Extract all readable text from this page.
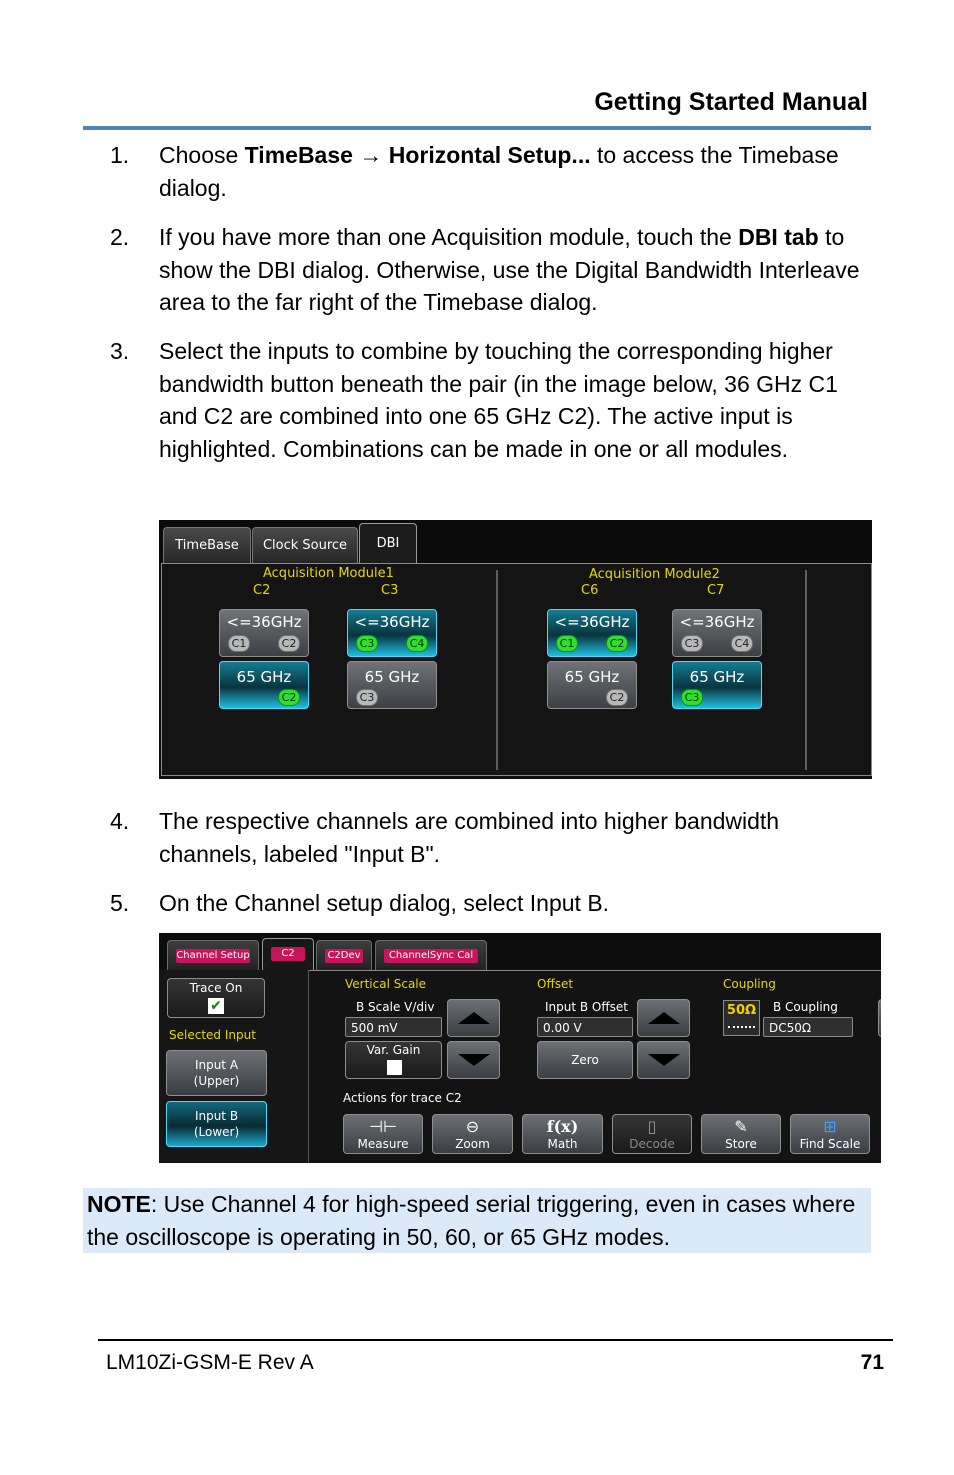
Getting Started Manual
1.	Choose TimeBase → Horizontal Setup... to access the Timebase dialog.
2.	If you have more than one Acquisition module, touch the DBI tab to show the DBI dialog. Otherwise, use the Digital Bandwidth Interleave area to the far right of the Timebase dialog.
3.	Select the inputs to combine by touching the corresponding higher bandwidth button beneath the pair (in the image below, 36 GHz C1 and C2 are combined into one 65 GHz C2). The active input is highlighted. Combinations can be made in one or all modules.
TimeBase	Clock Source	DBI
Acquisition Module1
C2	C3
Acquisition Module2
C6	C7
<=36GHz
C1	C2
65 GHz
C2
<=36GHz
C3	C4
65 GHz
C3
<=36GHz
C1	C2
65 GHz
C2
<=36GHz
C3	C4
65 GHz
C3
4.	The respective channels are combined into higher bandwidth channels, labeled "Input B".
5.	On the Channel setup dialog, select Input B.
Channel Setup	C2	C2Dev	ChannelSync Cal
Trace On
✔
Selected Input
Input A
(Upper)
Input B
(Lower)
Vertical Scale
B Scale V/div
500 mV
Var. Gain
Offset
Input B Offset
0.00 V
Zero
Coupling
50Ω B Coupling
DC50Ω
Actions for trace C2
⊣⊢
Measure
⊖
Zoom
f(x)
Math
▯
Decode
✎
Store
⊞
Find Scale
NOTE: Use Channel 4 for high-speed serial triggering, even in cases where the oscilloscope is operating in 50, 60, or 65 GHz modes.
LM10Zi-GSM-E Rev A	71
